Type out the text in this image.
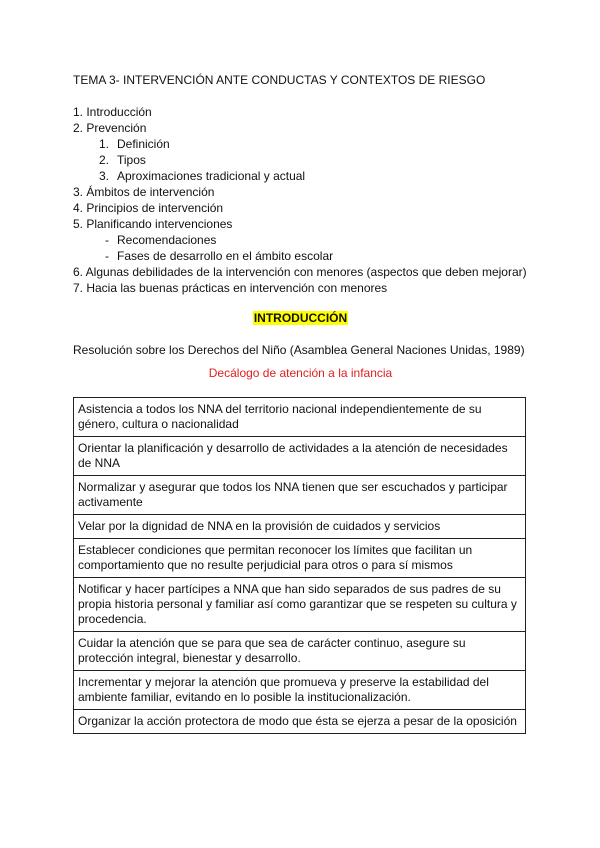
TEMA 3- INTERVENCIÓN ANTE CONDUCTAS Y CONTEXTOS DE RIESGO
1. Introducción
2. Prevención
1. Definición
2. Tipos
3. Aproximaciones tradicional y actual
3. Ámbitos de intervención
4. Principios de intervención
5. Planificando intervenciones
- Recomendaciones
- Fases de desarrollo en el ámbito escolar
6. Algunas debilidades de la intervención con menores (aspectos que deben mejorar)
7. Hacia las buenas prácticas en intervención con menores
INTRODUCCIÓN
Resolución sobre los Derechos del Niño (Asamblea General Naciones Unidas, 1989)
Decálogo de atención a la infancia
Asistencia a todos los NNA del territorio nacional independientemente de su género, cultura o nacionalidad
Orientar la planificación y desarrollo de actividades a la atención de necesidades de NNA
Normalizar y asegurar que todos los NNA tienen que ser escuchados y participar activamente
Velar por la dignidad de NNA en la provisión de cuidados y servicios
Establecer condiciones que permitan reconocer los límites que facilitan un comportamiento que no resulte perjudicial para otros o para sí mismos
Notificar y hacer partícipes a NNA que han sido separados de sus padres de su propia historia personal y familiar así como garantizar que se respeten su cultura y procedencia.
Cuidar la atención que se para que sea de carácter continuo, asegure su protección integral, bienestar y desarrollo.
Incrementar y mejorar la atención que promueva y preserve la estabilidad del ambiente familiar, evitando en lo posible la institucionalización.
Organizar la acción protectora de modo que ésta se ejerza a pesar de la oposición
